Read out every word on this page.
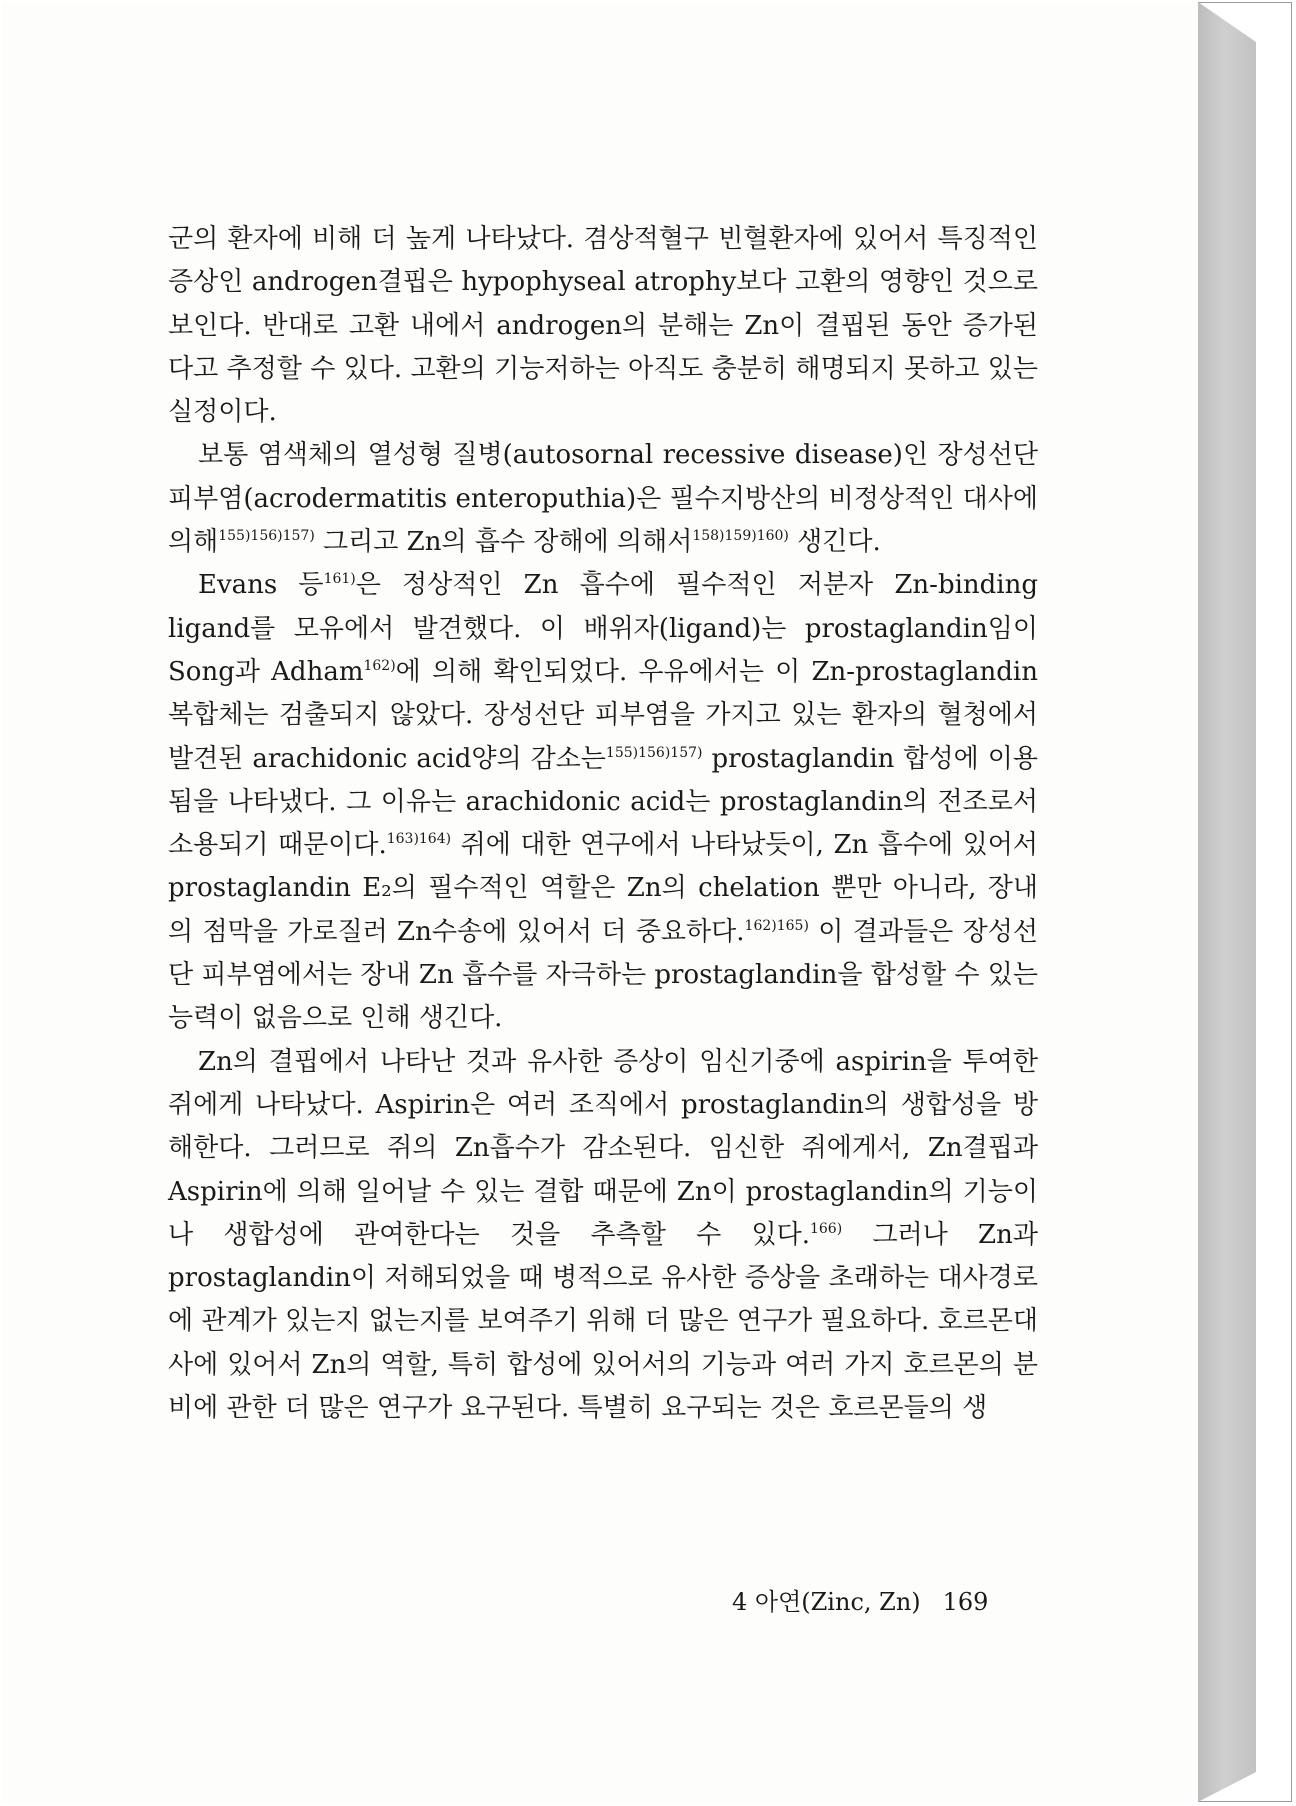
군의 환자에 비해 더 높게 나타났다. 겸상적혈구 빈혈환자에 있어서 특징적인 증상인 androgen결핍은 hypophyseal atrophy보다 고환의 영향인 것으로 보인다. 반대로 고환 내에서 androgen의 분해는 Zn이 결핍된 동안 증가된다고 추정할 수 있다. 고환의 기능저하는 아직도 충분히 해명되지 못하고 있는 실정이다.

보통 염색체의 열성형 질병(autosornal recessive disease)인 장성선단 피부염(acrodermatitis enteroputhia)은 필수지방산의 비정상적인 대사에 의해$^{155)156)157)}$ 그리고 Zn의 흡수 장해에 의해서$^{158)159)160)}$ 생긴다.

Evans 등$^{161)}$은 정상적인 Zn 흡수에 필수적인 저분자 Zn-binding ligand를 모유에서 발견했다. 이 배위자(ligand)는 prostaglandin임이 Song과 Adham$^{162)}$에 의해 확인되었다. 우유에서는 이 Zn-prostaglandin 복합체는 검출되지 않았다. 장성선단 피부염을 가지고 있는 환자의 혈청에서 발견된 arachidonic acid양의 감소는$^{155)156)157)}$ prostaglandin 합성에 이용됨을 나타냈다. 그 이유는 arachidonic acid는 prostaglandin의 전조로서 소용되기 때문이다.$^{163)164)}$ 쥐에 대한 연구에서 나타났듯이, Zn 흡수에 있어서 prostaglandin E₂의 필수적인 역할은 Zn의 chelation 뿐만 아니라, 장내의 점막을 가로질러 Zn수송에 있어서 더 중요하다.$^{162)165)}$ 이 결과들은 장성선단 피부염에서는 장내 Zn 흡수를 자극하는 prostaglandin을 합성할 수 있는 능력이 없음으로 인해 생긴다.

Zn의 결핍에서 나타난 것과 유사한 증상이 임신기중에 aspirin을 투여한 쥐에게 나타났다. Aspirin은 여러 조직에서 prostaglandin의 생합성을 방해한다. 그러므로 쥐의 Zn흡수가 감소된다. 임신한 쥐에게서, Zn결핍과 Aspirin에 의해 일어날 수 있는 결합 때문에 Zn이 prostaglandin의 기능이나 생합성에 관여한다는 것을 추측할 수 있다.$^{166)}$ 그러나 Zn과 prostaglandin이 저해되었을 때 병적으로 유사한 증상을 초래하는 대사경로에 관계가 있는지 없는지를 보여주기 위해 더 많은 연구가 필요하다. 호르몬대사에 있어서 Zn의 역할, 특히 합성에 있어서의 기능과 여러 가지 호르몬의 분비에 관한 더 많은 연구가 요구된다. 특별히 요구되는 것은 호르몬들의 생

4 아연(Zinc, Zn) 169
